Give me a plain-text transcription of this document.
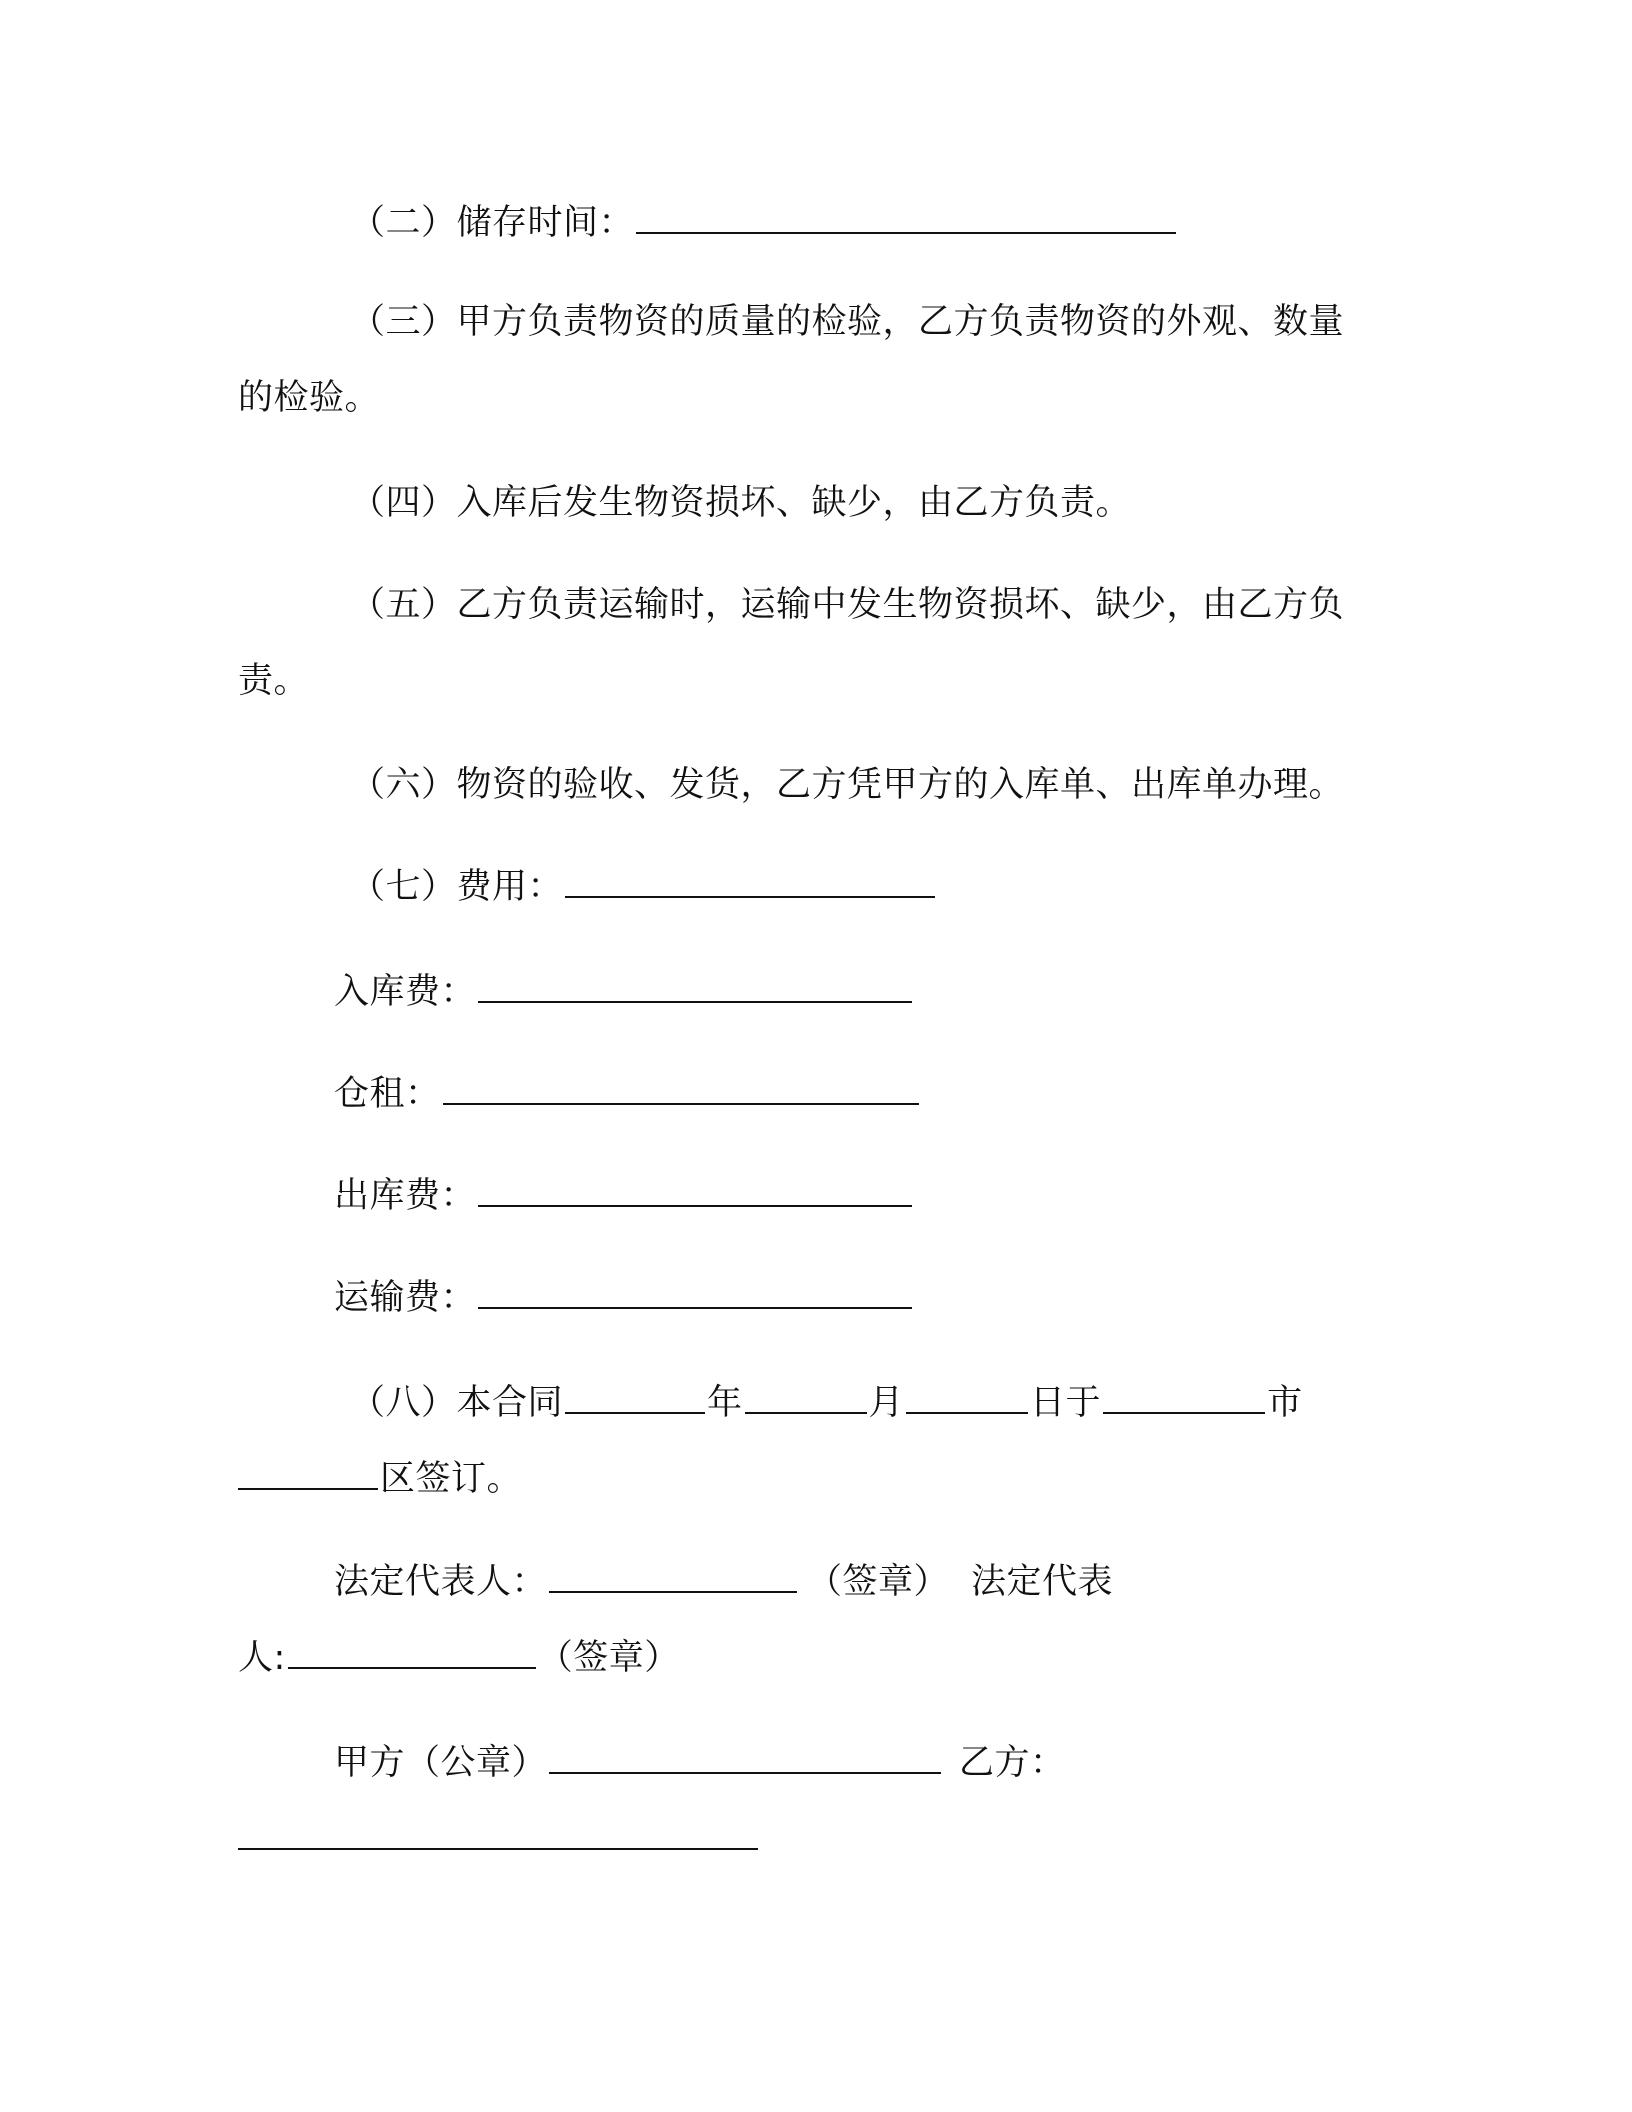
（二）储存时间：
（三）甲方负责物资的质量的检验，乙方负责物资的外观、数量
的检验。
（四）入库后发生物资损坏、缺少，由乙方负责。
（五）乙方负责运输时，运输中发生物资损坏、缺少，由乙方负
责。
（六）物资的验收、发货，乙方凭甲方的入库单、出库单办理。
（七）费用：
入库费：
仓租：
出库费：
运输费：
（八）本合同	年	月	日于	市
区签订。
法定代表人：	（签章） 法定代表
人:	（签章）
甲方（公章）	乙方：
